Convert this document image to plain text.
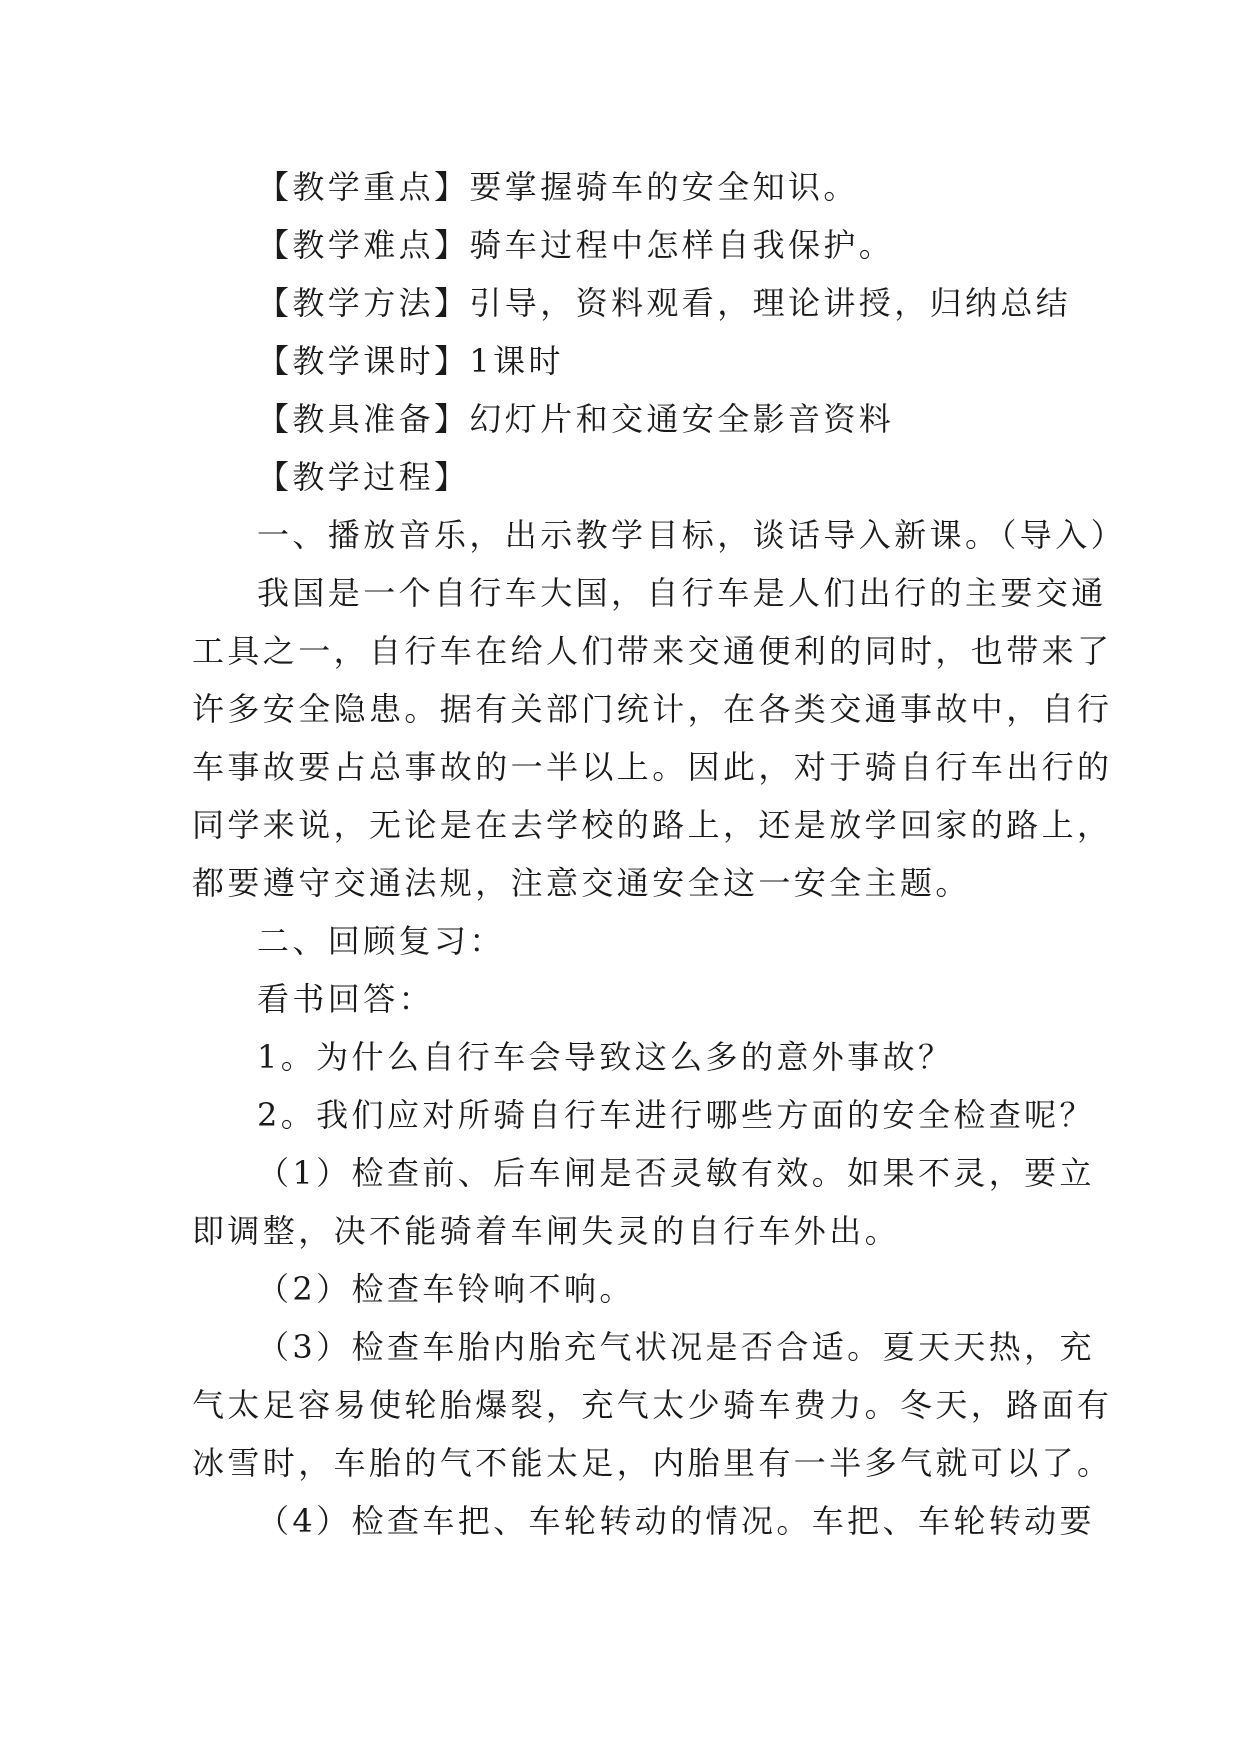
【教学重点】要掌握骑车的安全知识。

【教学难点】骑车过程中怎样自我保护。

【教学方法】引导，资料观看，理论讲授，归纳总结

【教学课时】1课时

【教具准备】幻灯片和交通安全影音资料

【教学过程】

一、播放音乐，出示教学目标，谈话导入新课。（导入）

我国是一个自行车大国，自行车是人们出行的主要交通

工具之一，自行车在给人们带来交通便利的同时，也带来了

许多安全隐患。据有关部门统计，在各类交通事故中，自行

车事故要占总事故的一半以上。因此，对于骑自行车出行的

同学来说，无论是在去学校的路上，还是放学回家的路上，

都要遵守交通法规，注意交通安全这一安全主题。

二、回顾复习：

看书回答：

1。为什么自行车会导致这么多的意外事故？

2。我们应对所骑自行车进行哪些方面的安全检查呢？

（1）检查前、后车闸是否灵敏有效。如果不灵，要立

即调整，决不能骑着车闸失灵的自行车外出。

（2）检查车铃响不响。

（3）检查车胎内胎充气状况是否合适。夏天天热，充

气太足容易使轮胎爆裂，充气太少骑车费力。冬天，路面有

冰雪时，车胎的气不能太足，内胎里有一半多气就可以了。

（4）检查车把、车轮转动的情况。车把、车轮转动要
